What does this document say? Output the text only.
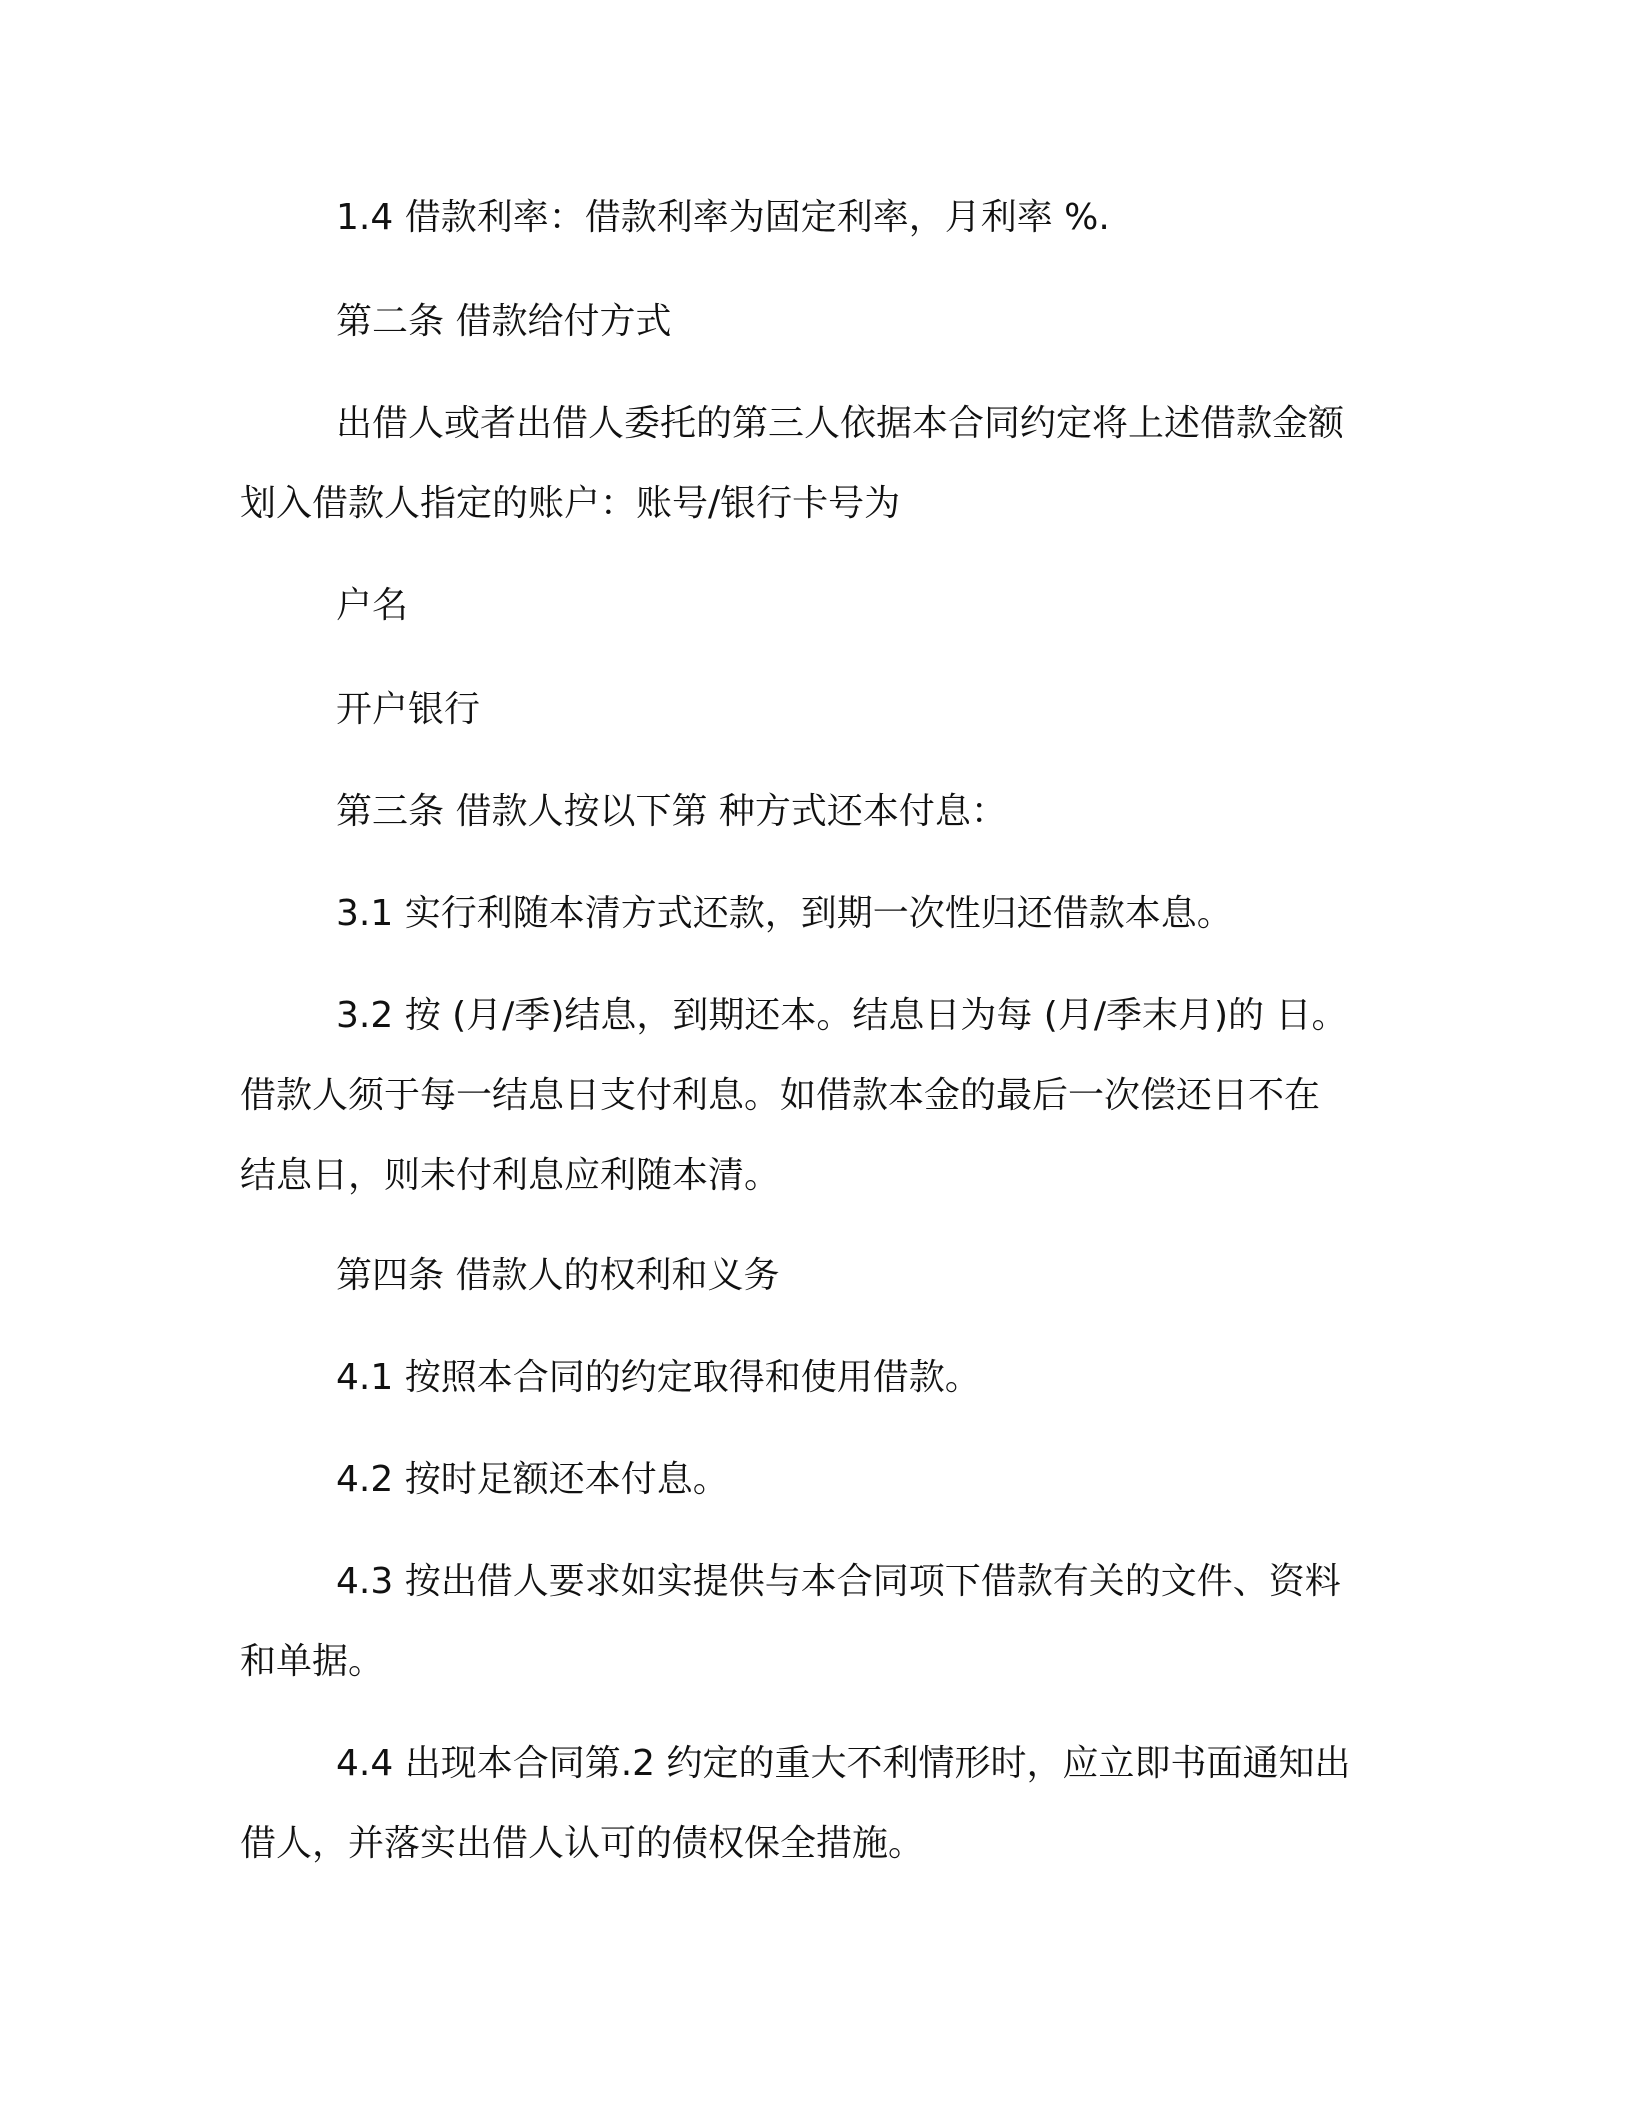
1.4 借款利率：借款利率为固定利率，月利率 %.
第二条 借款给付方式
出借人或者出借人委托的第三人依据本合同约定将上述借款金额
划入借款人指定的账户：账号/银行卡号为
户名
开户银行
第三条 借款人按以下第 种方式还本付息：
3.1 实行利随本清方式还款，到期一次性归还借款本息。
3.2 按 (月/季)结息，到期还本。结息日为每 (月/季末月)的 日。
借款人须于每一结息日支付利息。如借款本金的最后一次偿还日不在
结息日，则未付利息应利随本清。
第四条 借款人的权利和义务
4.1 按照本合同的约定取得和使用借款。
4.2 按时足额还本付息。
4.3 按出借人要求如实提供与本合同项下借款有关的文件、资料
和单据。
4.4 出现本合同第.2 约定的重大不利情形时，应立即书面通知出
借人，并落实出借人认可的债权保全措施。
